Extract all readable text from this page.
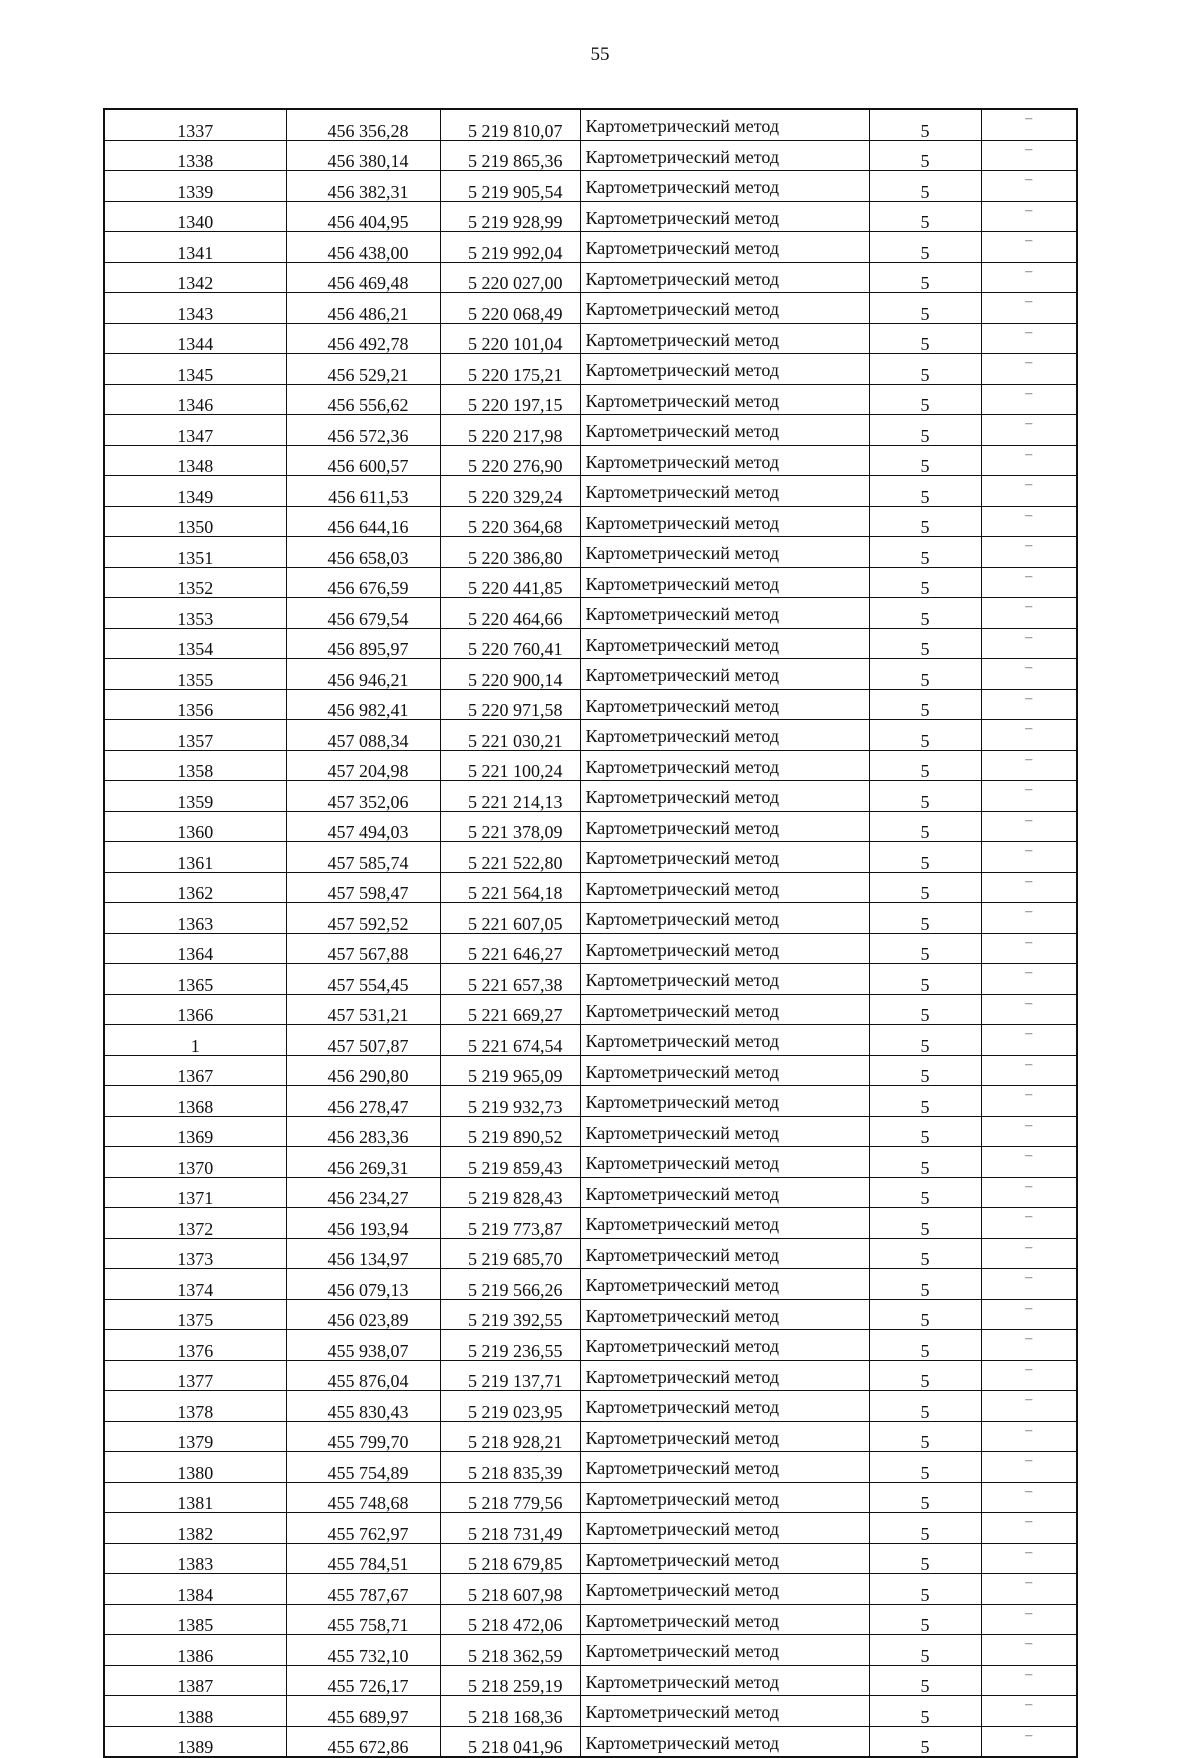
55
1337	456 356,28	5 219 810,07	Картометрический метод	5	–
1338	456 380,14	5 219 865,36	Картометрический метод	5	–
1339	456 382,31	5 219 905,54	Картометрический метод	5	–
1340	456 404,95	5 219 928,99	Картометрический метод	5	–
1341	456 438,00	5 219 992,04	Картометрический метод	5	–
1342	456 469,48	5 220 027,00	Картометрический метод	5	–
1343	456 486,21	5 220 068,49	Картометрический метод	5	–
1344	456 492,78	5 220 101,04	Картометрический метод	5	–
1345	456 529,21	5 220 175,21	Картометрический метод	5	–
1346	456 556,62	5 220 197,15	Картометрический метод	5	–
1347	456 572,36	5 220 217,98	Картометрический метод	5	–
1348	456 600,57	5 220 276,90	Картометрический метод	5	–
1349	456 611,53	5 220 329,24	Картометрический метод	5	–
1350	456 644,16	5 220 364,68	Картометрический метод	5	–
1351	456 658,03	5 220 386,80	Картометрический метод	5	–
1352	456 676,59	5 220 441,85	Картометрический метод	5	–
1353	456 679,54	5 220 464,66	Картометрический метод	5	–
1354	456 895,97	5 220 760,41	Картометрический метод	5	–
1355	456 946,21	5 220 900,14	Картометрический метод	5	–
1356	456 982,41	5 220 971,58	Картометрический метод	5	–
1357	457 088,34	5 221 030,21	Картометрический метод	5	–
1358	457 204,98	5 221 100,24	Картометрический метод	5	–
1359	457 352,06	5 221 214,13	Картометрический метод	5	–
1360	457 494,03	5 221 378,09	Картометрический метод	5	–
1361	457 585,74	5 221 522,80	Картометрический метод	5	–
1362	457 598,47	5 221 564,18	Картометрический метод	5	–
1363	457 592,52	5 221 607,05	Картометрический метод	5	–
1364	457 567,88	5 221 646,27	Картометрический метод	5	–
1365	457 554,45	5 221 657,38	Картометрический метод	5	–
1366	457 531,21	5 221 669,27	Картометрический метод	5	–
1	457 507,87	5 221 674,54	Картометрический метод	5	–
1367	456 290,80	5 219 965,09	Картометрический метод	5	–
1368	456 278,47	5 219 932,73	Картометрический метод	5	–
1369	456 283,36	5 219 890,52	Картометрический метод	5	–
1370	456 269,31	5 219 859,43	Картометрический метод	5	–
1371	456 234,27	5 219 828,43	Картометрический метод	5	–
1372	456 193,94	5 219 773,87	Картометрический метод	5	–
1373	456 134,97	5 219 685,70	Картометрический метод	5	–
1374	456 079,13	5 219 566,26	Картометрический метод	5	–
1375	456 023,89	5 219 392,55	Картометрический метод	5	–
1376	455 938,07	5 219 236,55	Картометрический метод	5	–
1377	455 876,04	5 219 137,71	Картометрический метод	5	–
1378	455 830,43	5 219 023,95	Картометрический метод	5	–
1379	455 799,70	5 218 928,21	Картометрический метод	5	–
1380	455 754,89	5 218 835,39	Картометрический метод	5	–
1381	455 748,68	5 218 779,56	Картометрический метод	5	–
1382	455 762,97	5 218 731,49	Картометрический метод	5	–
1383	455 784,51	5 218 679,85	Картометрический метод	5	–
1384	455 787,67	5 218 607,98	Картометрический метод	5	–
1385	455 758,71	5 218 472,06	Картометрический метод	5	–
1386	455 732,10	5 218 362,59	Картометрический метод	5	–
1387	455 726,17	5 218 259,19	Картометрический метод	5	–
1388	455 689,97	5 218 168,36	Картометрический метод	5	–
1389	455 672,86	5 218 041,96	Картометрический метод	5	–
